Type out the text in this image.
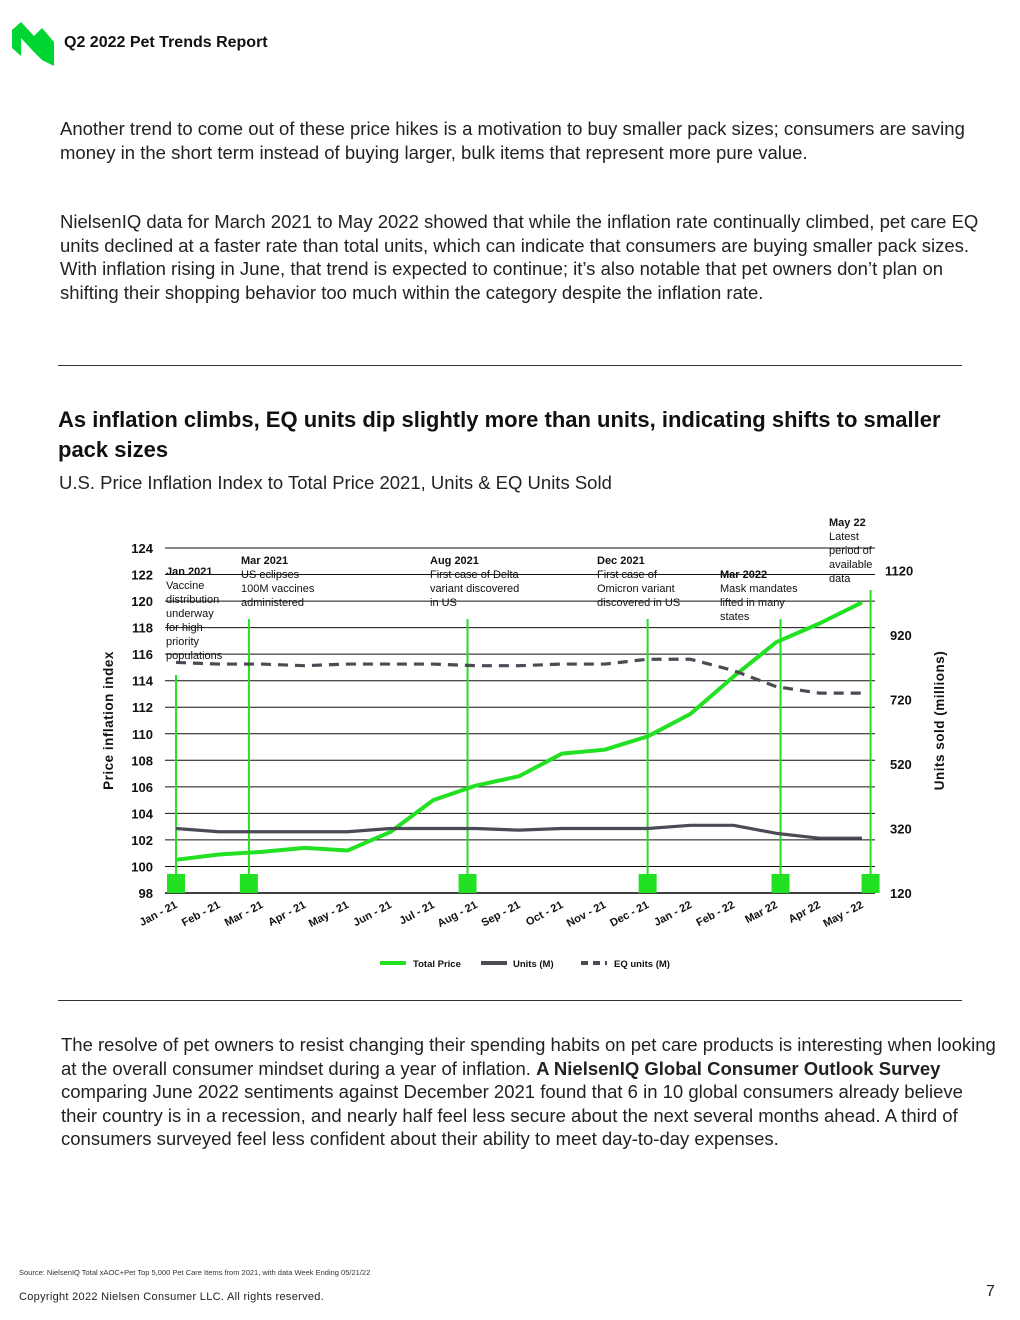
Q2 2022 Pet Trends Report
Another trend to come out of these price hikes is a motivation to buy smaller pack sizes; consumers are saving money in the short term instead of buying larger, bulk items that represent more pure value.
NielsenIQ data for March 2021 to May 2022 showed that while the inflation rate continually climbed, pet care EQ units declined at a faster rate than total units, which can indicate that consumers are buying smaller pack sizes. With inflation rising in June, that trend is expected to continue; it’s also notable that pet owners don’t plan on shifting their shopping behavior too much within the category despite the inflation rate.
As inflation climbs, EQ units dip slightly more than units, indicating shifts to smaller pack sizes
U.S. Price Inflation Index to Total Price 2021, Units & EQ Units Sold
98
100
102
104
106
108
110
112
114
116
118
120
122
124
120
320
520
720
920
1120
Price inflation index	Units sold (millions)
Jan - 21 Feb - 21 Mar - 21 Apr - 21
May - 21 Jun - 21 Jul - 21
Aug - 21 Sep - 21 Oct - 21 Nov - 21 Dec - 21 Jan - 22 Feb - 22 Mar 22 Apr 22
May - 22
Jan 2021
Vaccine
distribution
underway
for high
priority
populations
Mar 2021
US eclipses
100M vaccines
administered
Aug 2021
First case of Delta
variant discovered
in US
Dec 2021
First case of
Omicron variant
discovered in US
Mar 2022
Mask mandates
lifted in many
states
May 22
Latest
period of
available
data
Total Price	Units (M)	EQ units (M)
The resolve of pet owners to resist changing their spending habits on pet care products is interesting when looking at the overall consumer mindset during a year of inflation. A NielsenIQ Global Consumer Outlook Survey comparing June 2022 sentiments against December 2021 found that 6 in 10 global consumers already believe their country is in a recession, and nearly half feel less secure about the next several months ahead. A third of consumers surveyed feel less confident about their ability to meet day-to-day expenses.
Source: NielsenIQ Total xAOC+Pet Top 5,000 Pet Care Items from 2021, with data Week Ending 05/21/22
Copyright 2022 Nielsen Consumer LLC. All rights reserved.	7
